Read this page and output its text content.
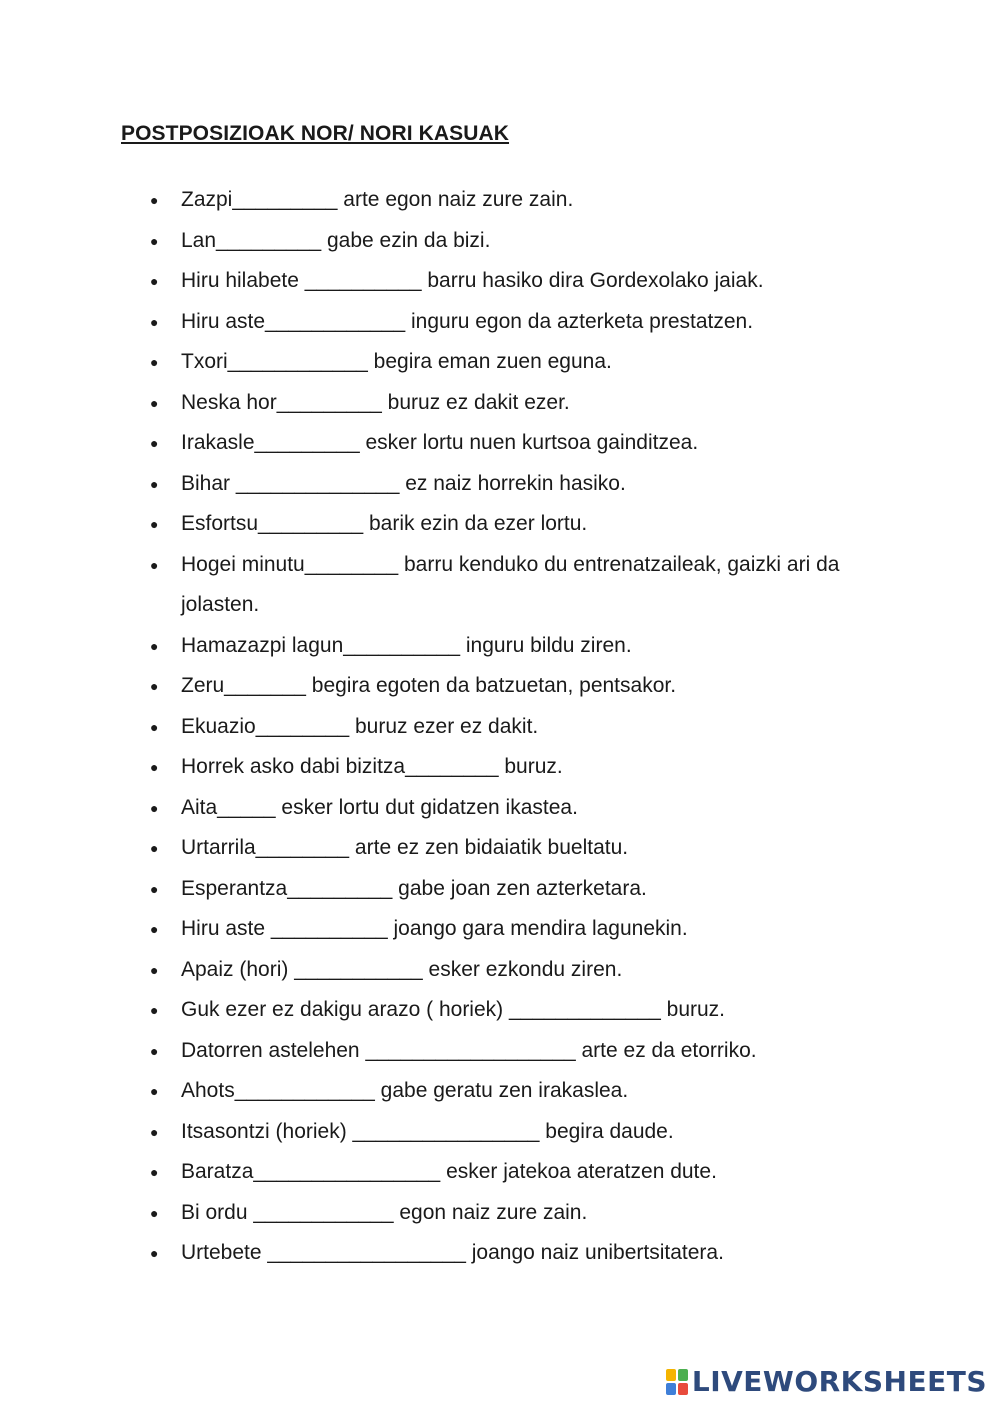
POSTPOSIZIOAK NOR/ NORI KASUAK
● Zazpi_________ arte egon naiz zure zain.
● Lan_________ gabe ezin da bizi.
● Hiru hilabete __________ barru hasiko dira Gordexolako jaiak.
● Hiru aste____________ inguru egon da azterketa prestatzen.
● Txori____________ begira eman zuen eguna.
● Neska hor_________ buruz ez dakit ezer.
● Irakasle_________ esker lortu nuen kurtsoa gainditzea.
● Bihar ______________ ez naiz horrekin hasiko.
● Esfortsu_________ barik ezin da ezer lortu.
● Hogei minutu________ barru kenduko du entrenatzaileak, gaizki ari da jolasten.
● Hamazazpi lagun__________ inguru bildu ziren.
● Zeru_______ begira egoten da batzuetan, pentsakor.
● Ekuazio________ buruz ezer ez dakit.
● Horrek asko dabi bizitza________ buruz.
● Aita_____ esker lortu dut gidatzen ikastea.
● Urtarrila________ arte ez zen bidaiatik bueltatu.
● Esperantza_________ gabe joan zen azterketara.
● Hiru aste __________ joango gara mendira lagunekin.
● Apaiz (hori) ___________ esker ezkondu ziren.
● Guk ezer ez dakigu arazo ( horiek) _____________ buruz.
● Datorren astelehen __________________ arte ez da etorriko.
● Ahots____________ gabe geratu zen irakaslea.
● Itsasontzi (horiek) ________________ begira daude.
● Baratza________________ esker jatekoa ateratzen dute.
● Bi ordu ____________ egon naiz zure zain.
● Urtebete _________________ joango naiz unibertsitatera.
LIVEWORKSHEETS
